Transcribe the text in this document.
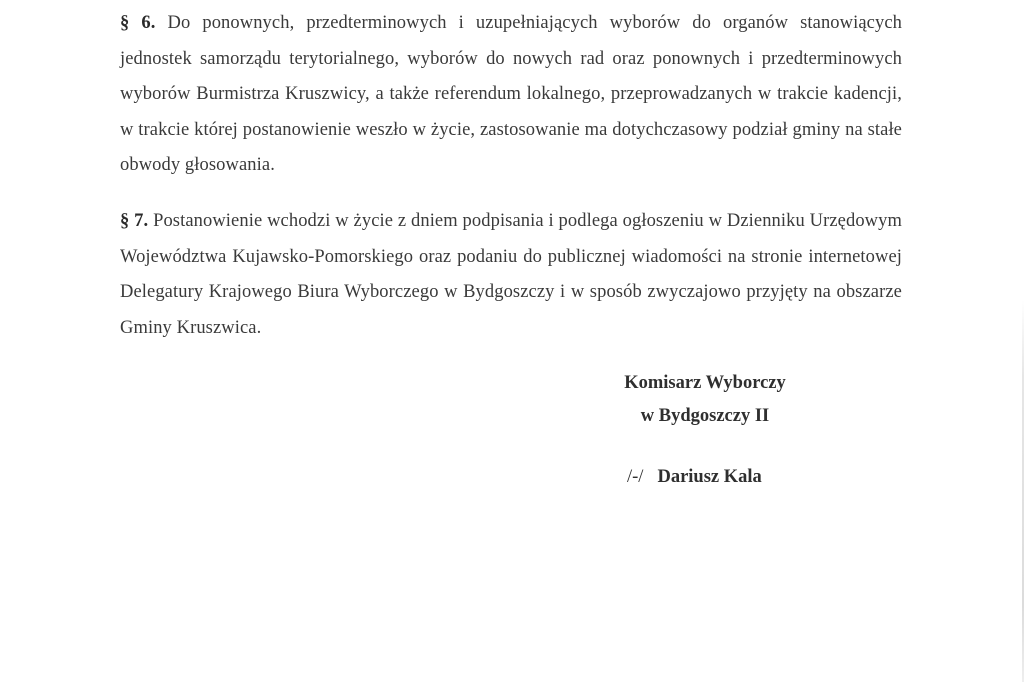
§ 6. Do ponownych, przedterminowych i uzupełniających wyborów do organów stanowiących jednostek samorządu terytorialnego, wyborów do nowych rad oraz ponownych i przedterminowych wyborów Burmistrza Kruszwicy, a także referendum lokalnego, przeprowadzanych w trakcie kadencji, w trakcie której postanowienie weszło w życie, zastosowanie ma dotychczasowy podział gminy na stałe obwody głosowania.

§ 7. Postanowienie wchodzi w życie z dniem podpisania i podlega ogłoszeniu w Dzienniku Urzędowym Województwa Kujawsko-Pomorskiego oraz podaniu do publicznej wiadomości na stronie internetowej Delegatury Krajowego Biura Wyborczego w Bydgoszczy i w sposób zwyczajowo przyjęty na obszarze Gminy Kruszwica.

Komisarz Wyborczy

w Bydgoszczy II

/-/ Dariusz Kala
